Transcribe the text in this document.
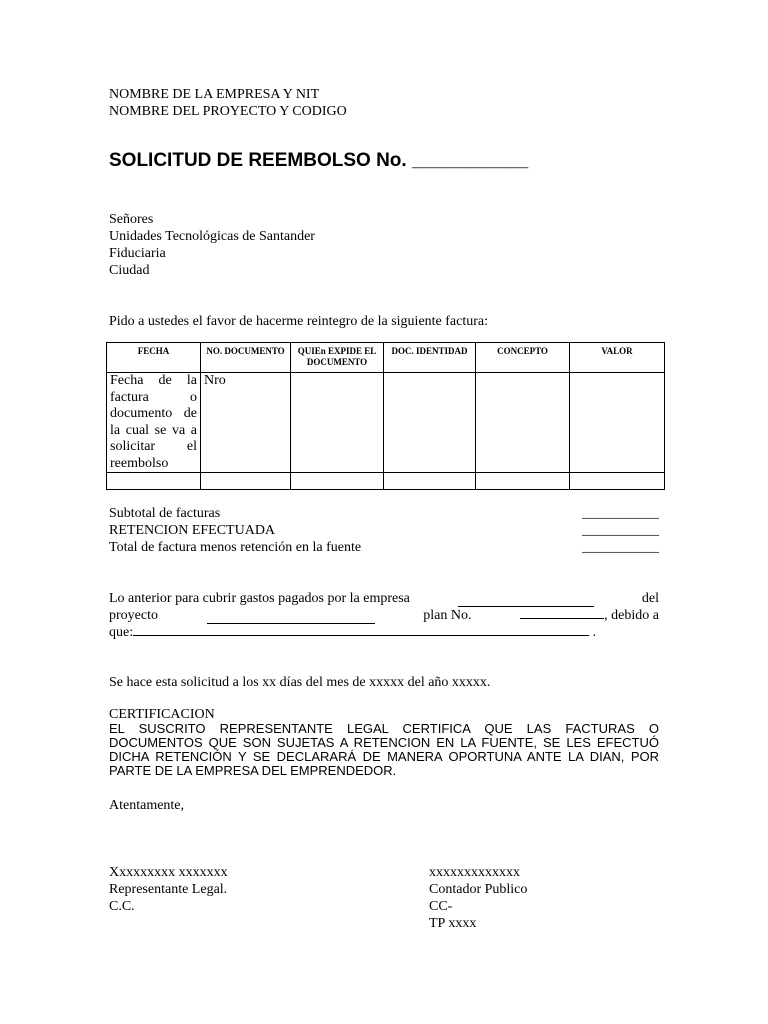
NOMBRE DE LA EMPRESA Y NIT
NOMBRE DEL PROYECTO Y CODIGO
SOLICITUD DE REEMBOLSO No. ___________
Señores
Unidades Tecnológicas de Santander
Fiduciaria
Ciudad
Pido a ustedes el favor de hacerme reintegro de la siguiente factura:
FECHA	NO. DOCUMENTO	QUIEn EXPIDE EL DOCUMENTO	DOC. IDENTIDAD	CONCEPTO	VALOR
Fecha de la factura o documento de la cual se va a solicitar el reembolso	Nro				

Subtotal de facturas	___________
RETENCION EFECTUADA	___________
Total de factura menos retención en la fuente	___________
Lo anterior para cubrir gastos pagados por la empresa	del
proyecto	plan No.	, debido a
que:	.
Se hace esta solicitud a los xx días del mes de xxxxx del año xxxxx.
CERTIFICACION
EL SUSCRITO REPRESENTANTE LEGAL CERTIFICA QUE LAS FACTURAS O DOCUMENTOS QUE SON SUJETAS A RETENCION EN LA FUENTE, SE LES EFECTUÓ DICHA RETENCIÓN Y SE DECLARARÁ DE MANERA OPORTUNA ANTE LA DIAN, POR PARTE DE LA EMPRESA DEL EMPRENDEDOR.
Atentamente,
Xxxxxxxxx xxxxxxx
Representante Legal.
C.C.
xxxxxxxxxxxxx
Contador Publico
CC-
TP xxxx
